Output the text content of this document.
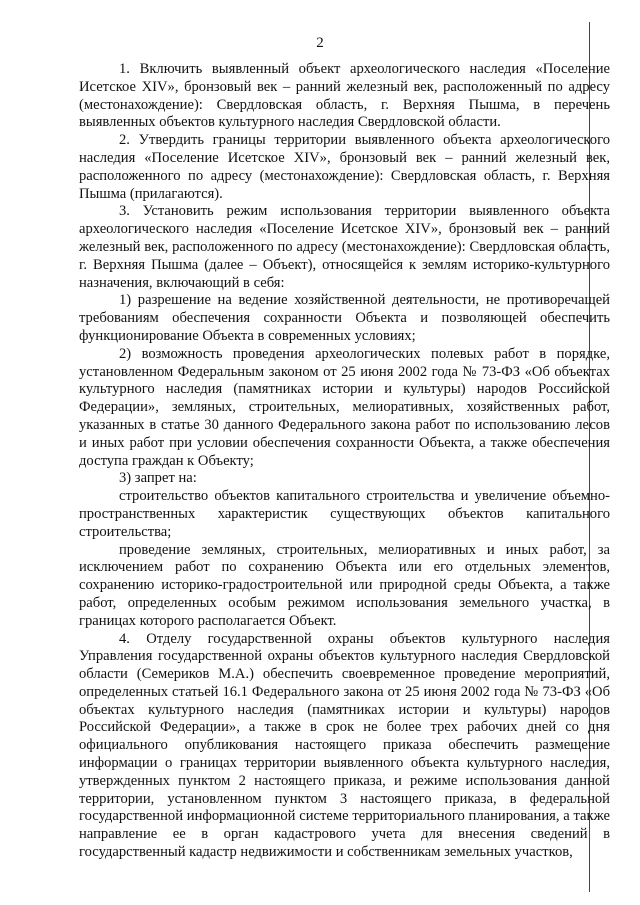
2

1. Включить выявленный объект археологического наследия «Поселение Исетское XIV», бронзовый век – ранний железный век, расположенный по адресу (местонахождение): Свердловская область, г. Верхняя Пышма, в перечень выявленных объектов культурного наследия Свердловской области.

2. Утвердить границы территории выявленного объекта археологического наследия «Поселение Исетское XIV», бронзовый век – ранний железный век, расположенного по адресу (местонахождение): Свердловская область, г. Верхняя Пышма (прилагаются).

3. Установить режим использования территории выявленного объекта археологического наследия «Поселение Исетское XIV», бронзовый век – ранний железный век, расположенного по адресу (местонахождение): Свердловская область, г. Верхняя Пышма (далее – Объект), относящейся к землям историко-культурного назначения, включающий в себя:

1) разрешение на ведение хозяйственной деятельности, не противоречащей требованиям обеспечения сохранности Объекта и позволяющей обеспечить функционирование Объекта в современных условиях;

2) возможность проведения археологических полевых работ в порядке, установленном Федеральным законом от 25 июня 2002 года № 73-ФЗ «Об объектах культурного наследия (памятниках истории и культуры) народов Российской Федерации», земляных, строительных, мелиоративных, хозяйственных работ, указанных в статье 30 данного Федерального закона работ по использованию лесов и иных работ при условии обеспечения сохранности Объекта, а также обеспечения доступа граждан к Объекту;

3) запрет на:

строительство объектов капитального строительства и увеличение объемно-пространственных характеристик существующих объектов капитального строительства;

проведение земляных, строительных, мелиоративных и иных работ, за исключением работ по сохранению Объекта или его отдельных элементов, сохранению историко-градостроительной или природной среды Объекта, а также работ, определенных особым режимом использования земельного участка, в границах которого располагается Объект.

4. Отделу государственной охраны объектов культурного наследия Управления государственной охраны объектов культурного наследия Свердловской области (Семериков М.А.) обеспечить своевременное проведение мероприятий, определенных статьей 16.1 Федерального закона от 25 июня 2002 года № 73-ФЗ «Об объектах культурного наследия (памятниках истории и культуры) народов Российской Федерации», а также в срок не более трех рабочих дней со дня официального опубликования настоящего приказа обеспечить размещение информации о границах территории выявленного объекта культурного наследия, утвержденных пунктом 2 настоящего приказа, и режиме использования данной территории, установленном пунктом 3 настоящего приказа, в федеральной государственной информационной системе территориального планирования, а также направление ее в орган кадастрового учета для внесения сведений в государственный кадастр недвижимости и собственникам земельных участков,
